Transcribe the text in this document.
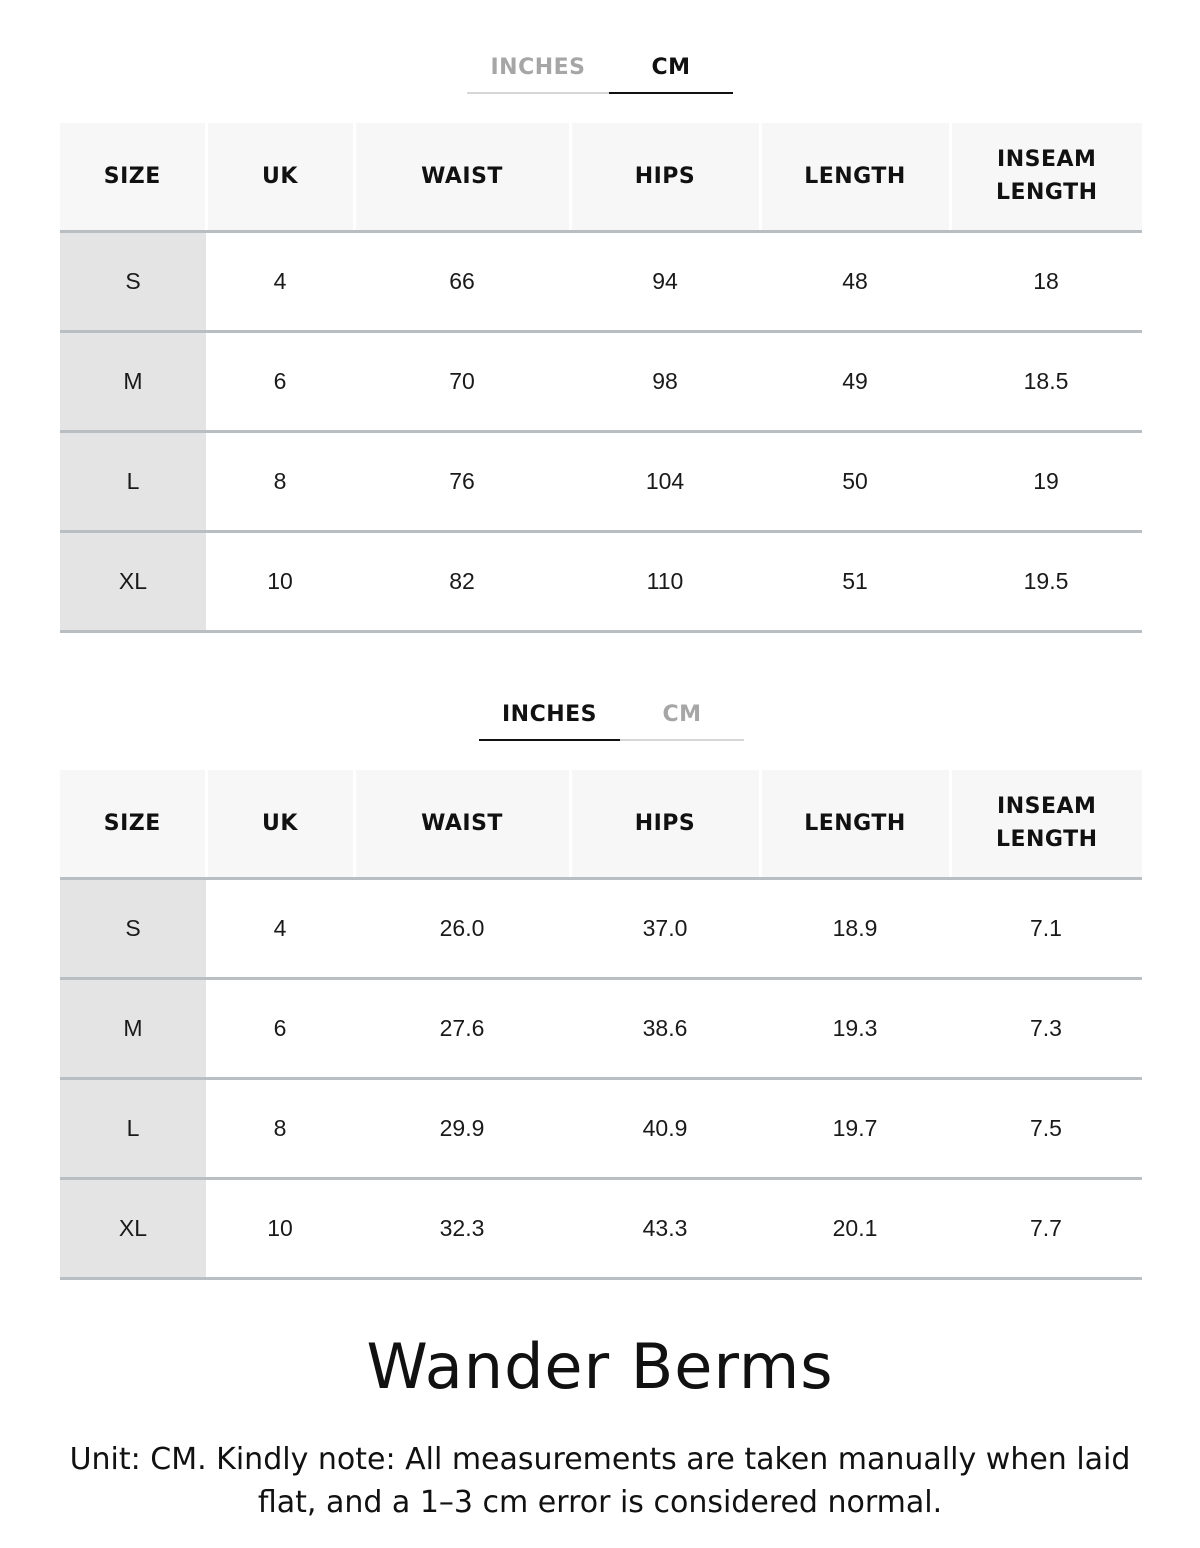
INCHES	CM
SIZE	UK	WAIST	HIPS	LENGTH	INSEAM
LENGTH
S	4	66	94	48	18
M	6	70	98	49	18.5
L	8	76	104	50	19
XL	10	82	110	51	19.5
INCHES	CM
SIZE	UK	WAIST	HIPS	LENGTH	INSEAM
LENGTH
S	4	26.0	37.0	18.9	7.1
M	6	27.6	38.6	19.3	7.3
L	8	29.9	40.9	19.7	7.5
XL	10	32.3	43.3	20.1	7.7
Wander Berms
Unit: CM. Kindly note: All measurements are taken manually when laid flat, and a 1–3 cm error is considered normal.
